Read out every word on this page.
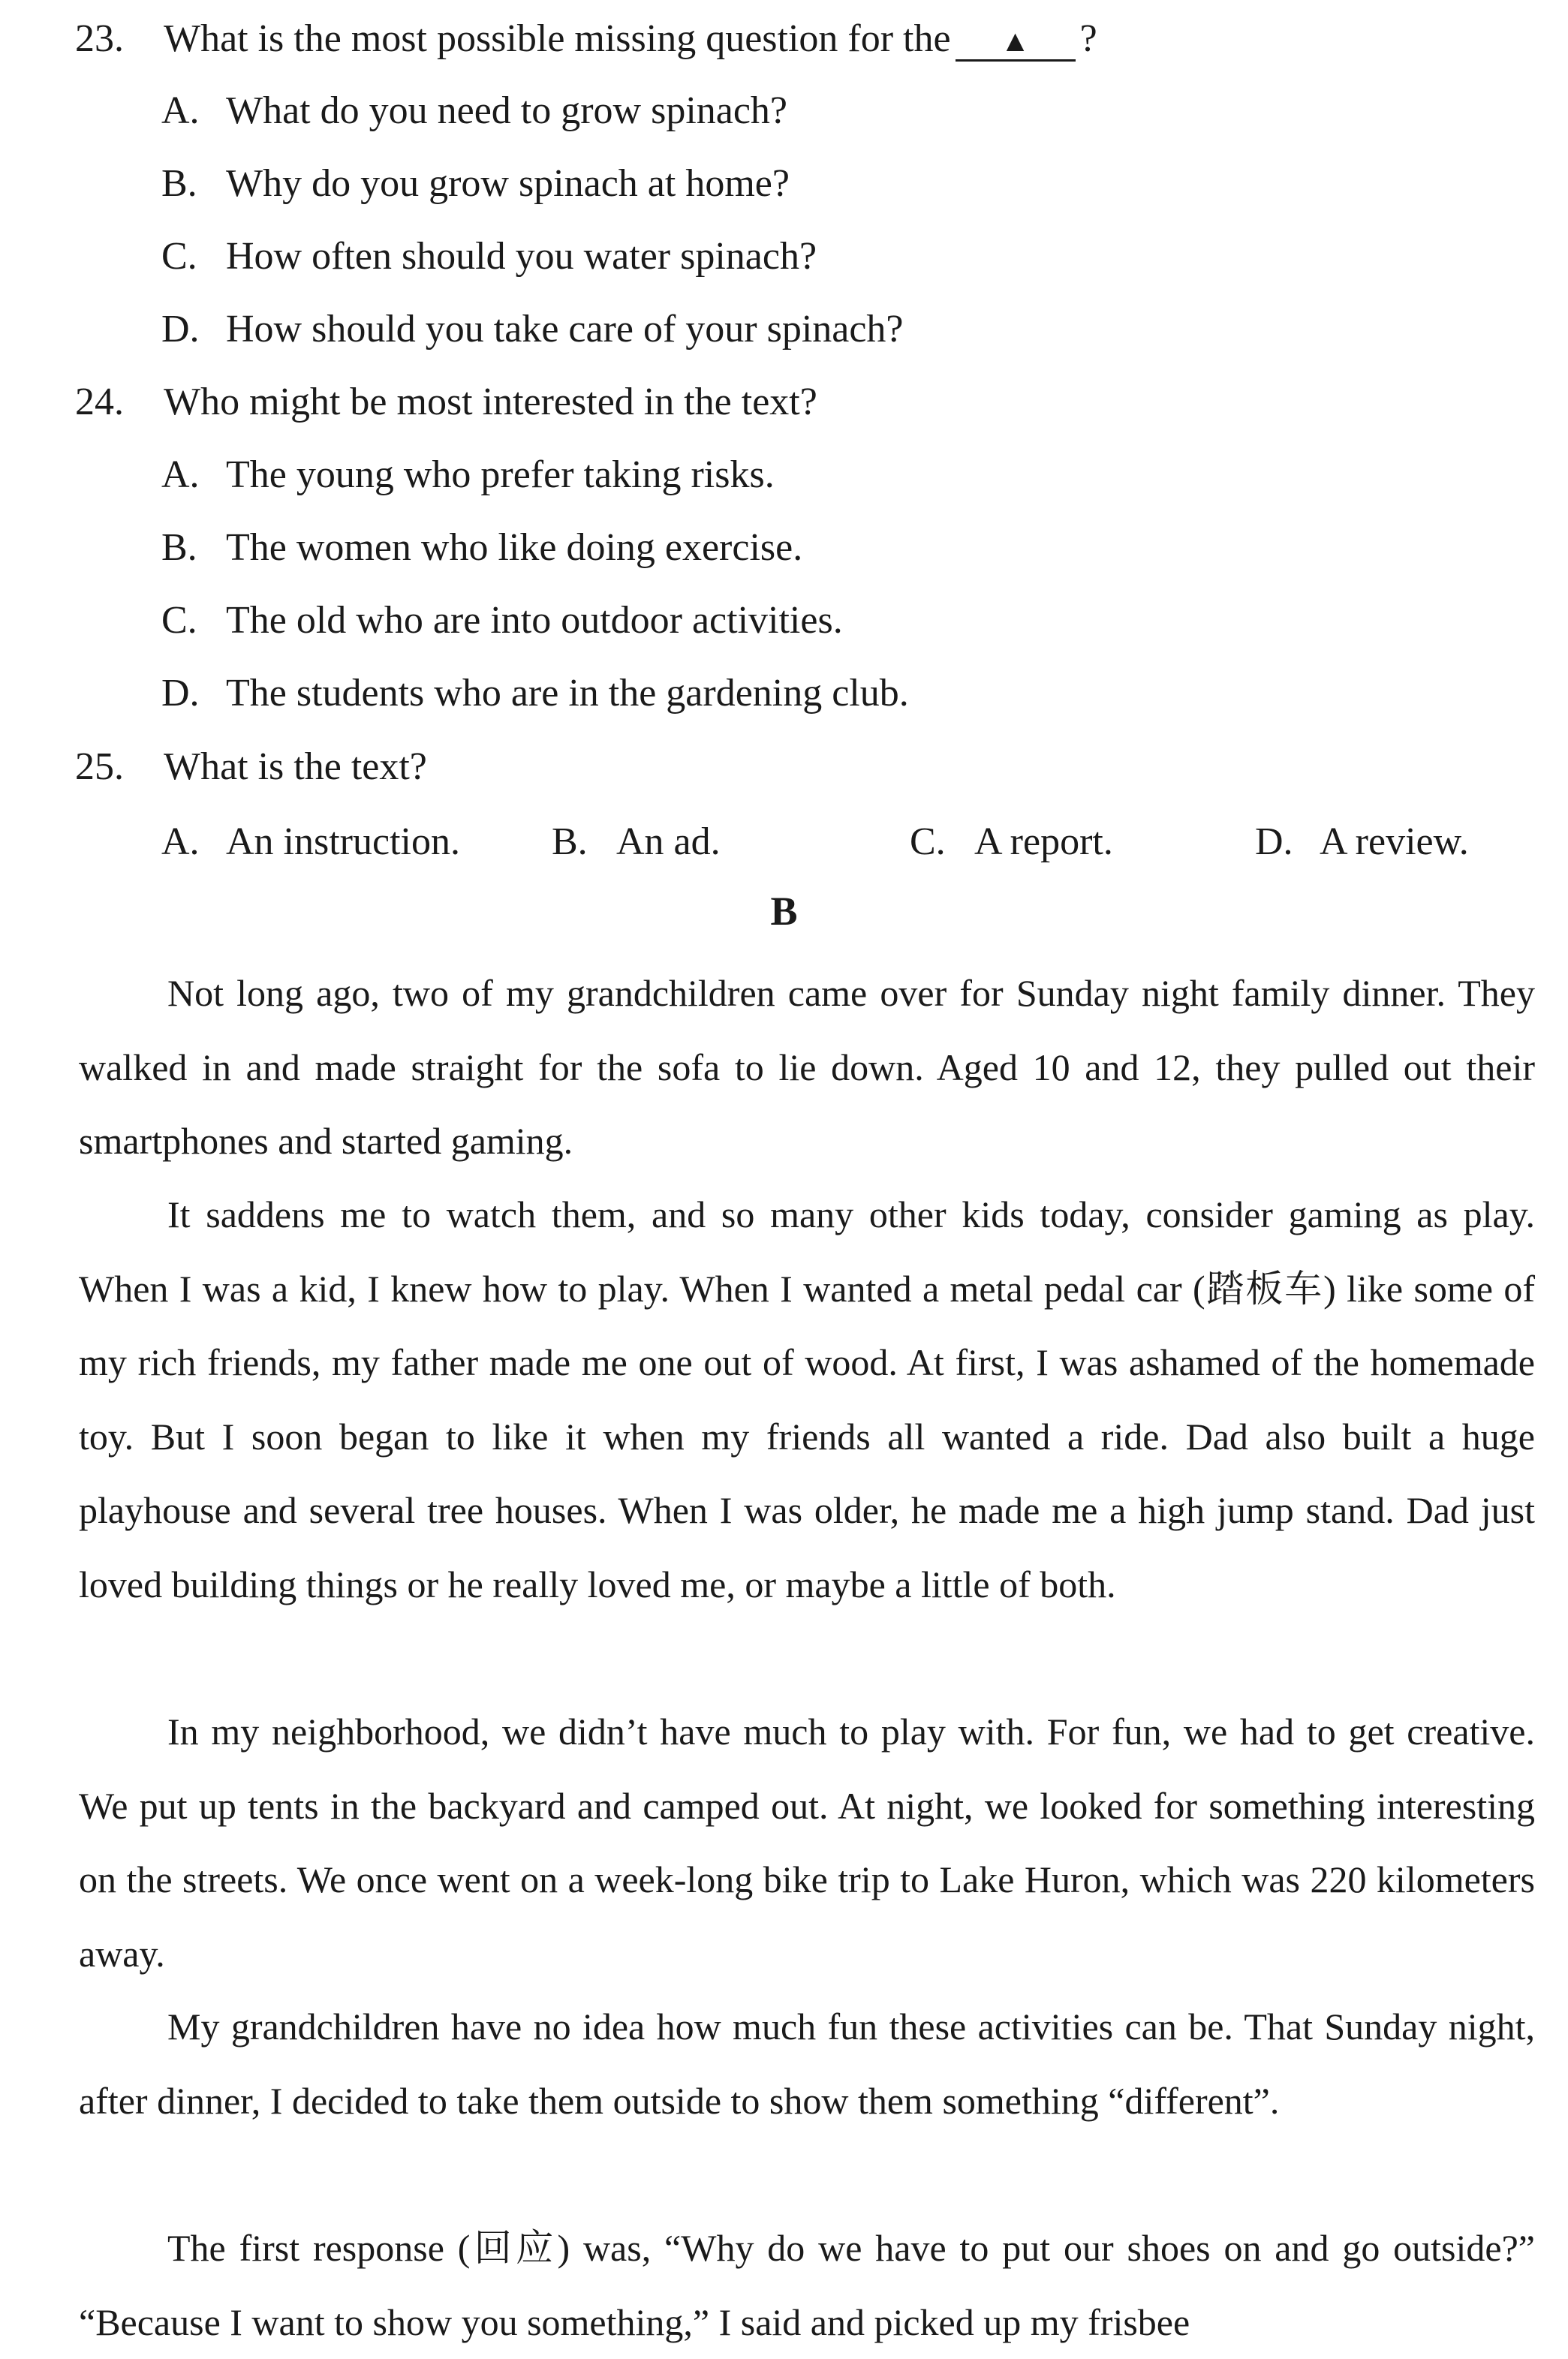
23. What is the most possible missing question for the ▲ ?
A. What do you need to grow spinach?
B. Why do you grow spinach at home?
C. How often should you water spinach?
D. How should you take care of your spinach?
24. Who might be most interested in the text?
A. The young who prefer taking risks.
B. The women who like doing exercise.
C. The old who are into outdoor activities.
D. The students who are in the gardening club.
25. What is the text?
A. An instruction. B. An ad.	C. A report.	D. A review.
B

Not long ago, two of my grandchildren came over for Sunday night family dinner. They walked in and made straight for the sofa to lie down. Aged 10 and 12, they pulled out their smartphones and started gaming.

It saddens me to watch them, and so many other kids today, consider gaming as play. When I was a kid, I knew how to play. When I wanted a metal pedal car (踏板车) like some of my rich friends, my father made me one out of wood. At first, I was ashamed of the homemade toy. But I soon began to like it when my friends all wanted a ride. Dad also built a huge playhouse and several tree houses. When I was older, he made me a high jump stand. Dad just loved building things or he really loved me, or maybe a little of both.

In my neighborhood, we didn’t have much to play with. For fun, we had to get creative. We put up tents in the backyard and camped out. At night, we looked for something interesting on the streets. We once went on a week-long bike trip to Lake Huron, which was 220 kilometers away.

My grandchildren have no idea how much fun these activities can be. That Sunday night, after dinner, I decided to take them outside to show them something “different”.

The first response (回应) was, “Why do we have to put our shoes on and go outside?” “Because I want to show you something,” I said and picked up my frisbee
